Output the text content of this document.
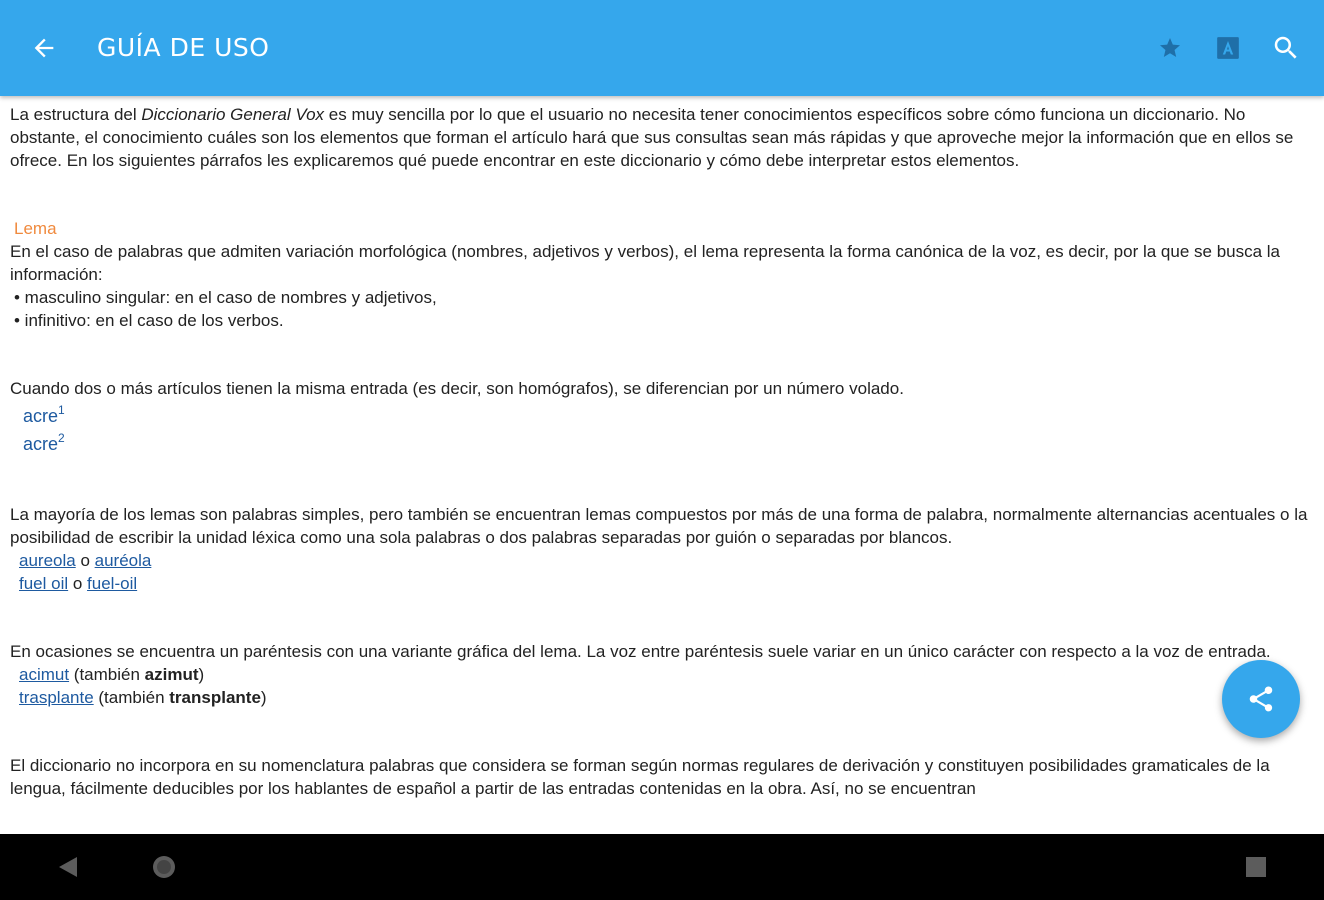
GUÍA DE USO

La estructura del Diccionario General Vox es muy sencilla por lo que el usuario no necesita tener conocimientos específicos sobre cómo funciona un diccionario. No obstante, el conocimiento cuáles son los elementos que forman el artículo hará que sus consultas sean más rápidas y que aproveche mejor la información que en ellos se ofrece. En los siguientes párrafos les explicaremos qué puede encontrar en este diccionario y cómo debe interpretar estos elementos.

Lema

En el caso de palabras que admiten variación morfológica (nombres, adjetivos y verbos), el lema representa la forma canónica de la voz, es decir, por la que se busca la información:

• masculino singular: en el caso de nombres y adjetivos,

• infinitivo: en el caso de los verbos.

Cuando dos o más artículos tienen la misma entrada (es decir, son homógrafos), se diferencian por un número volado.

acre$^1$
acre$^2$

La mayoría de los lemas son palabras simples, pero también se encuentran lemas compuestos por más de una forma de palabra, normalmente alternancias acentuales o la posibilidad de escribir la unidad léxica como una sola palabras o dos palabras separadas por guión o separadas por blancos.

aureola o auréola

fuel oil o fuel-oil

En ocasiones se encuentra un paréntesis con una variante gráfica del lema. La voz entre paréntesis suele variar en un único carácter con respecto a la voz de entrada.

acimut (también azimut)

trasplante (también transplante)

El diccionario no incorpora en su nomenclatura palabras que considera se forman según normas regulares de derivación y constituyen posibilidades gramaticales de la lengua, fácilmente deducibles por los hablantes de español a partir de las entradas contenidas en la obra. Así, no se encuentran
